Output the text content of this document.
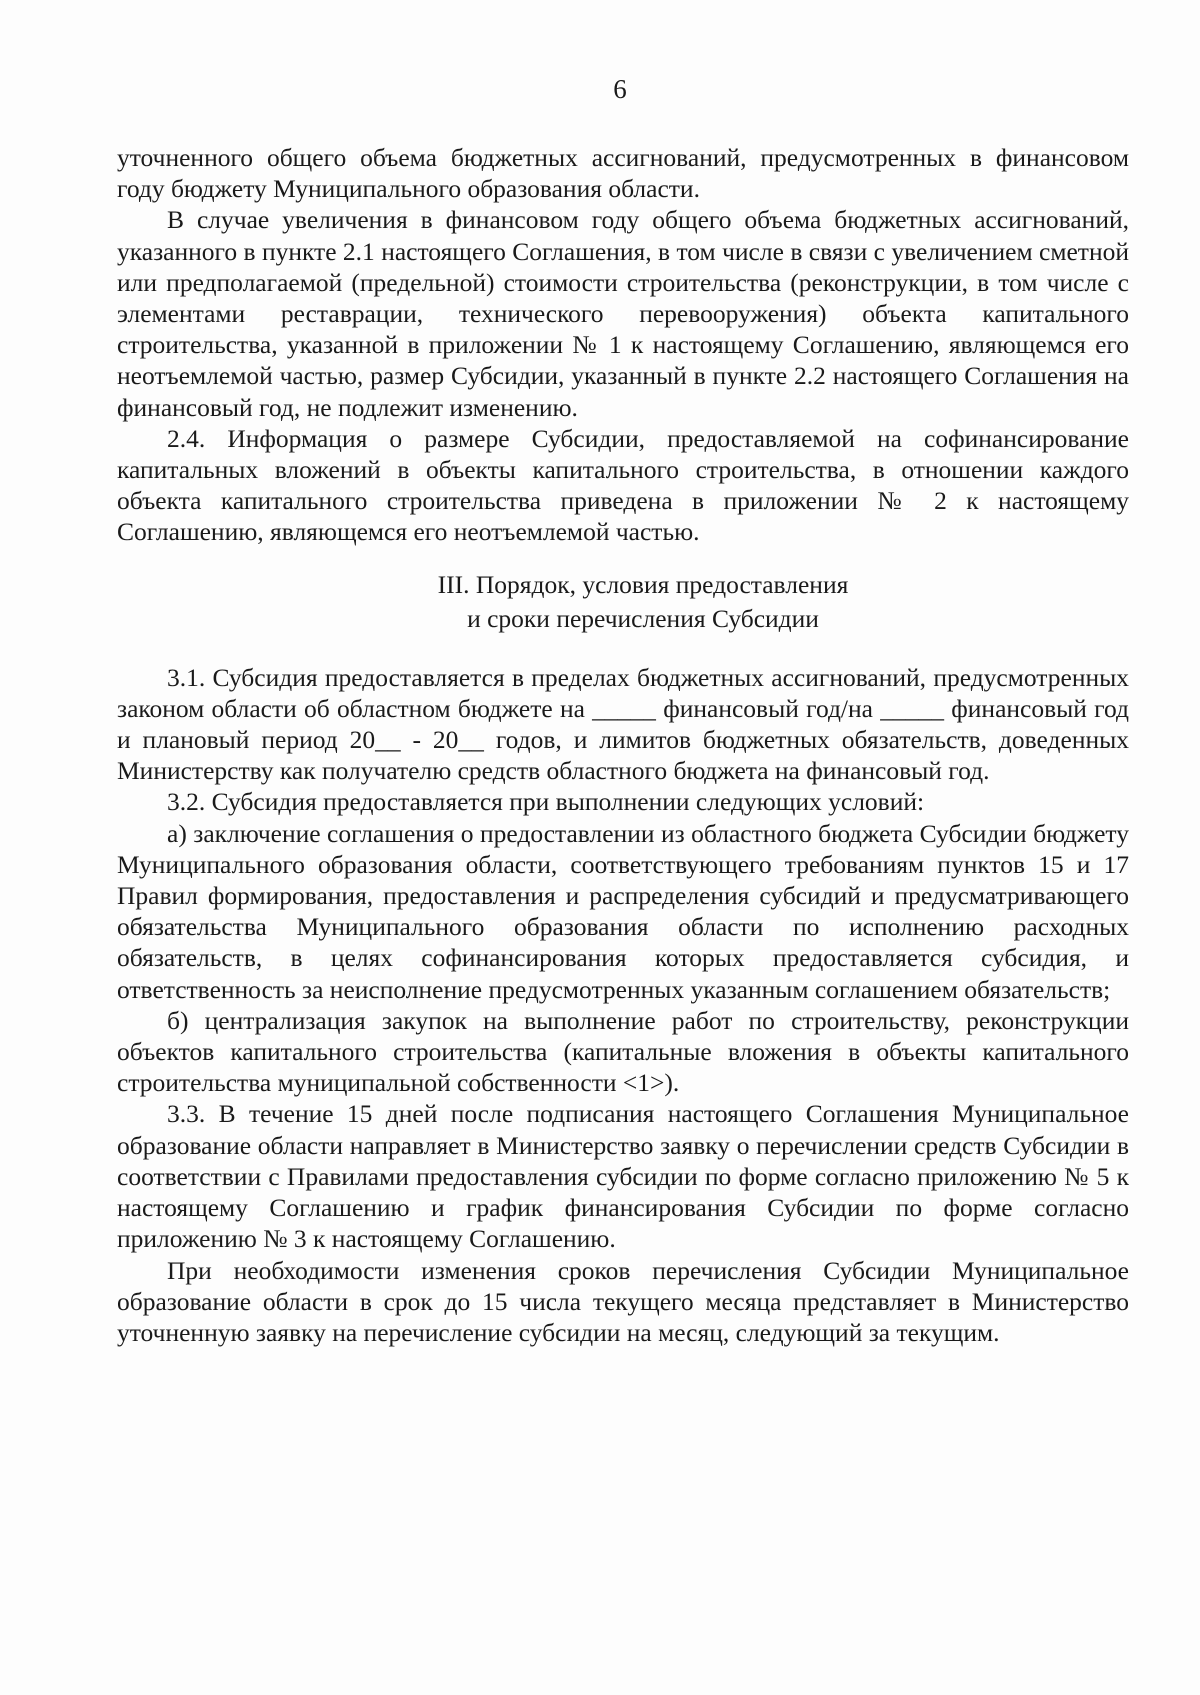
6

уточненного общего объема бюджетных ассигнований, предусмотренных в финансовом году бюджету Муниципального образования области.

В случае увеличения в финансовом году общего объема бюджетных ассигнований, указанного в пункте 2.1 настоящего Соглашения, в том числе в связи с увеличением сметной или предполагаемой (предельной) стоимости строительства (реконструкции, в том числе с элементами реставрации, технического перевооружения) объекта капитального строительства, указанной в приложении № 1 к настоящему Соглашению, являющемся его неотъемлемой частью, размер Субсидии, указанный в пункте 2.2 настоящего Соглашения на финансовый год, не подлежит изменению.

2.4. Информация о размере Субсидии, предоставляемой на софинансирование капитальных вложений в объекты капитального строительства, в отношении каждого объекта капитального строительства приведена в приложении № 2 к настоящему Соглашению, являющемся его неотъемлемой частью.

III. Порядок, условия предоставления
и сроки перечисления Субсидии

3.1. Субсидия предоставляется в пределах бюджетных ассигнований, предусмотренных законом области об областном бюджете на _____ финансовый год/на _____ финансовый год и плановый период 20__ - 20__ годов, и лимитов бюджетных обязательств, доведенных Министерству как получателю средств областного бюджета на финансовый год.

3.2. Субсидия предоставляется при выполнении следующих условий:

а) заключение соглашения о предоставлении из областного бюджета Субсидии бюджету Муниципального образования области, соответствующего требованиям пунктов 15 и 17 Правил формирования, предоставления и распределения субсидий и предусматривающего обязательства Муниципального образования области по исполнению расходных обязательств, в целях софинансирования которых предоставляется субсидия, и ответственность за неисполнение предусмотренных указанным соглашением обязательств;

б) централизация закупок на выполнение работ по строительству, реконструкции объектов капитального строительства (капитальные вложения в объекты капитального строительства муниципальной собственности <1>).

3.3. В течение 15 дней после подписания настоящего Соглашения Муниципальное образование области направляет в Министерство заявку о перечислении средств Субсидии в соответствии с Правилами предоставления субсидии по форме согласно приложению № 5 к настоящему Соглашению и график финансирования Субсидии по форме согласно приложению № 3 к настоящему Соглашению.

При необходимости изменения сроков перечисления Субсидии Муниципальное образование области в срок до 15 числа текущего месяца представляет в Министерство уточненную заявку на перечисление субсидии на месяц, следующий за текущим.
